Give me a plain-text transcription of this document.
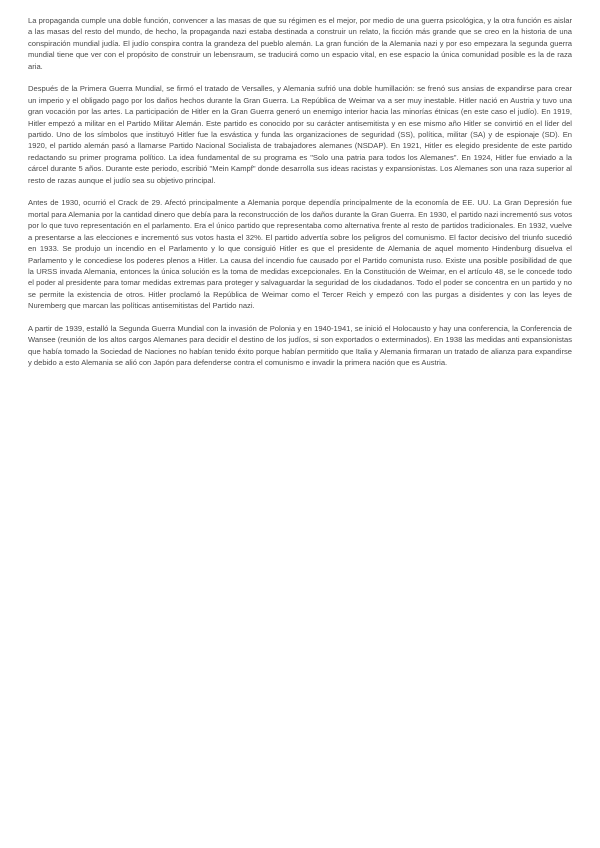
La propaganda cumple una doble función, convencer a las masas de que su régimen es el mejor, por medio de una guerra psicológica, y la otra función es aislar a las masas del resto del mundo, de hecho, la propaganda nazi estaba destinada a construir un relato, la ficción más grande que se creo en la historia de una conspiración mundial judía. El judío conspira contra la grandeza del pueblo alemán. La gran función de la Alemania nazi y por eso empezara la segunda guerra mundial tiene que ver con el propósito de construir un lebensraum, se traducirá como un espacio vital, en ese espacio la única comunidad posible es la de raza aria.

Después de la Primera Guerra Mundial, se firmó el tratado de Versalles, y Alemania sufrió una doble humillación: se frenó sus ansias de expandirse para crear un imperio y el obligado pago por los daños hechos durante la Gran Guerra. La República de Weimar va a ser muy inestable. Hitler nació en Austria y tuvo una gran vocación por las artes. La participación de Hitler en la Gran Guerra generó un enemigo interior hacia las minorías étnicas (en este caso el judío). En 1919, Hitler empezó a militar en el Partido Militar Alemán. Este partido es conocido por su carácter antisemitista y en ese mismo año Hitler se convirtió en el líder del partido. Uno de los símbolos que instituyó Hitler fue la esvástica y funda las organizaciones de seguridad (SS), política, militar (SA) y de espionaje (SD). En 1920, el partido alemán pasó a llamarse Partido Nacional Socialista de trabajadores alemanes (NSDAP). En 1921, Hitler es elegido presidente de este partido redactando su primer programa político. La idea fundamental de su programa es "Solo una patria para todos los Alemanes". En 1924, Hitler fue enviado a la cárcel durante 5 años. Durante este periodo, escribió "Mein Kampf" donde desarrolla sus ideas racistas y expansionistas. Los Alemanes son una raza superior al resto de razas aunque el judío sea su objetivo principal.

Antes de 1930, ocurrió el Crack de 29. Afectó principalmente a Alemania porque dependía principalmente de la economía de EE. UU. La Gran Depresión fue mortal para Alemania por la cantidad dinero que debía para la reconstrucción de los daños durante la Gran Guerra. En 1930, el partido nazi incrementó sus votos por lo que tuvo representación en el parlamento. Era el único partido que representaba como alternativa frente al resto de partidos tradicionales. En 1932, vuelve a presentarse a las elecciones e incrementó sus votos hasta el 32%. El partido advertía sobre los peligros del comunismo. El factor decisivo del triunfo sucedió en 1933. Se produjo un incendio en el Parlamento y lo que consiguió Hitler es que el presidente de Alemania de aquel momento Hindenburg disuelva el Parlamento y le concediese los poderes plenos a Hitler. La causa del incendio fue causado por el Partido comunista ruso. Existe una posible posibilidad de que la URSS invada Alemania, entonces la única solución es la toma de medidas excepcionales. En la Constitución de Weimar, en el artículo 48, se le concede todo el poder al presidente para tomar medidas extremas para proteger y salvaguardar la seguridad de los ciudadanos. Todo el poder se concentra en un partido y no se permite la existencia de otros. Hitler proclamó la República de Weimar como el Tercer Reich y empezó con las purgas a disidentes y con las leyes de Nuremberg que marcan las políticas antisemitistas del Partido nazi.

A partir de 1939, estalló la Segunda Guerra Mundial con la invasión de Polonia y en 1940-1941, se inició el Holocausto y hay una conferencia, la Conferencia de Wansee (reunión de los altos cargos Alemanes para decidir el destino de los judíos, si son exportados o exterminados). En 1938 las medidas anti expansionistas que había tomado la Sociedad de Naciones no habían tenido éxito porque habían permitido que Italia y Alemania firmaran un tratado de alianza para expandirse y debido a esto Alemania se alió con Japón para defenderse contra el comunismo e invadir la primera nación que es Austria.
